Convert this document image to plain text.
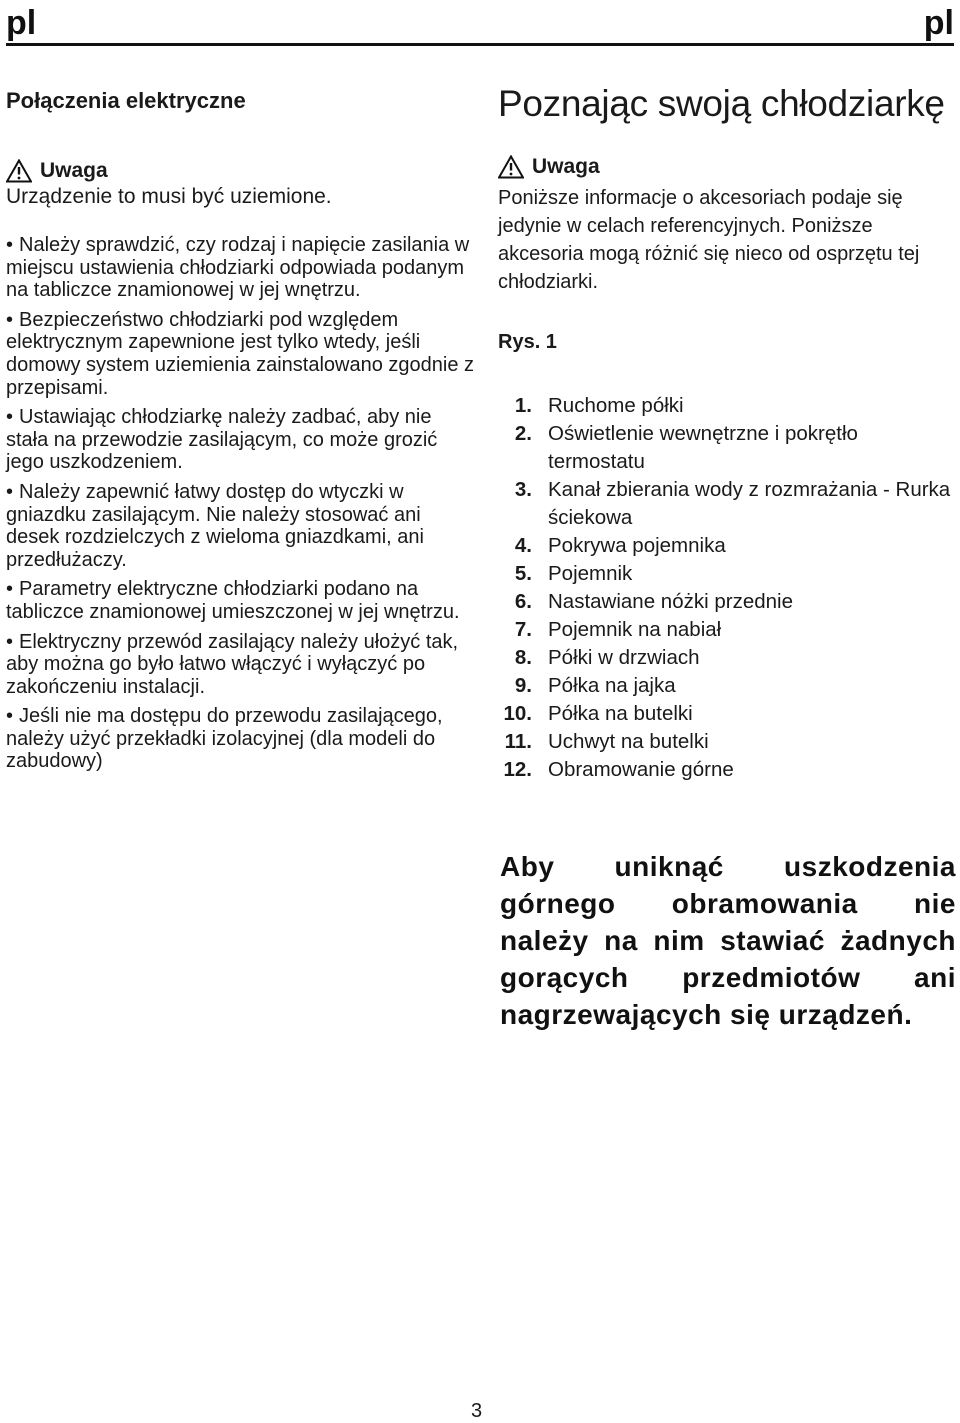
pl	pl
Połączenia elektryczne
Uwaga

Urządzenie to musi być uziemione.

• Należy sprawdzić, czy rodzaj i napięcie zasilania w miejscu ustawienia chłodziarki odpowiada podanym na tabliczce znamionowej w jej wnętrzu.
• Bezpieczeństwo chłodziarki pod względem elektrycznym zapewnione jest tylko wtedy, jeśli domowy system uziemienia zainstalowano zgodnie z przepisami.
• Ustawiając chłodziarkę należy zadbać, aby nie stała na przewodzie zasilającym, co może grozić jego uszkodzeniem.
• Należy zapewnić łatwy dostęp do wtyczki w gniazdku zasilającym. Nie należy stosować ani desek rozdzielczych z wieloma gniazdkami, ani przedłużaczy.
• Parametry elektryczne chłodziarki podano na tabliczce znamionowej umieszczonej w jej wnętrzu.
• Elektryczny przewód zasilający należy ułożyć tak, aby można go było łatwo włączyć i wyłączyć po zakończeniu instalacji.
• Jeśli nie ma dostępu do przewodu zasilającego, należy użyć przekładki izolacyjnej (dla modeli do zabudowy)
Poznając swoją chłodziarkę
Uwaga

Poniższe informacje o akcesoriach podaje się jedynie w celach referencyjnych. Poniższe akcesoria mogą różnić się nieco od osprzętu tej chłodziarki.

Rys. 1
1. Ruchome półki
2. Oświetlenie wewnętrzne i pokrętło termostatu
3. Kanał zbierania wody z rozmrażania - Rurka ściekowa
4. Pokrywa pojemnika
5. Pojemnik
6. Nastawiane nóżki przednie
7. Pojemnik na nabiał
8. Półki w drzwiach
9. Półka na jajka
10. Półka na butelki
11. Uchwyt na butelki
12. Obramowanie górne
Aby uniknąć uszkodzenia górnego obramowania nie należy na nim stawiać żadnych gorących przedmiotów ani nagrzewających się urządzeń.
3
